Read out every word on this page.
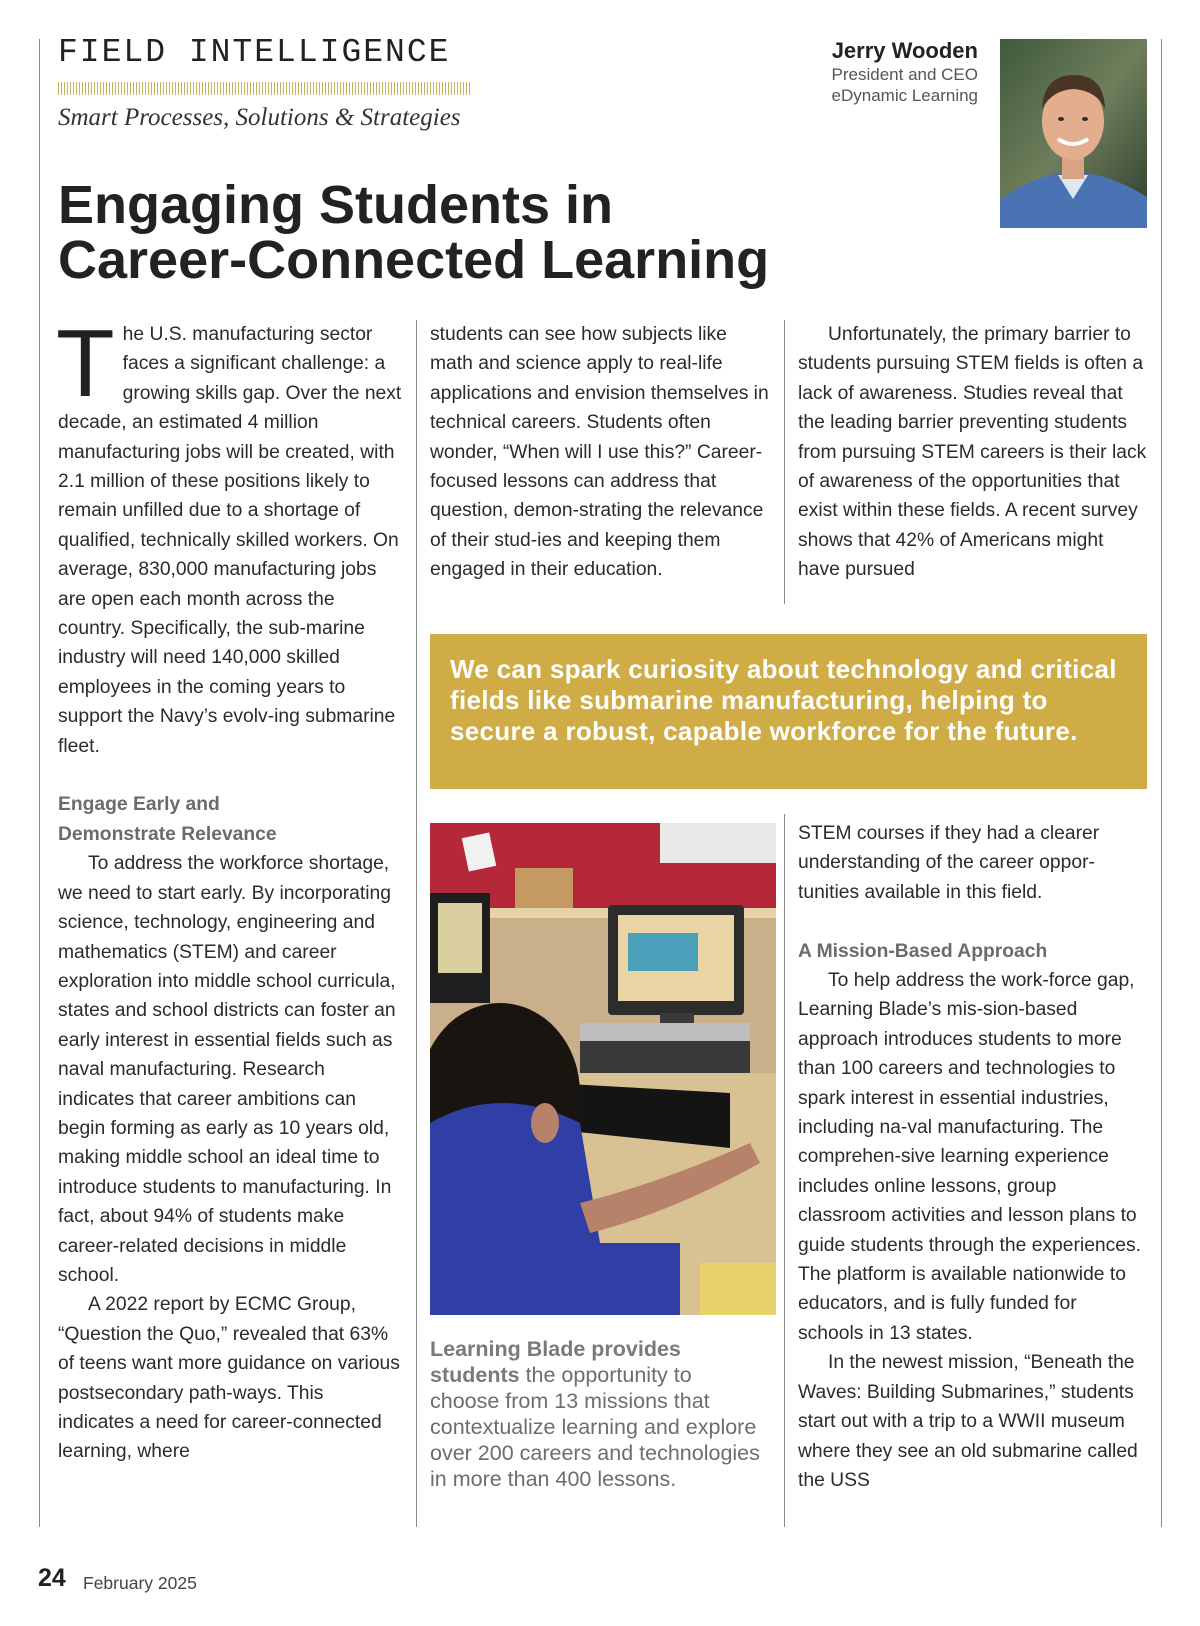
FIELD INTELLIGENCE
Smart Processes, Solutions & Strategies
Jerry Wooden
President and CEO
eDynamic Learning
Engaging Students in
Career-Connected Learning

The U.S. manufacturing sector faces a significant challenge: a growing skills gap. Over the next decade, an estimated 4 million manufacturing jobs will be created, with 2.1 million of these positions likely to remain unfilled due to a shortage of qualified, technically skilled workers. On average, 830,000 manufacturing jobs are open each month across the country. Specifically, the sub-marine industry will need 140,000 skilled employees in the coming years to support the Navy’s evolv-ing submarine fleet.

Engage Early and Demonstrate Relevance

To address the workforce shortage, we need to start early. By incorporating science, technology, engineering and mathematics (STEM) and career exploration into middle school curricula, states and school districts can foster an early interest in essential fields such as naval manufacturing. Research indicates that career ambitions can begin forming as early as 10 years old, making middle school an ideal time to introduce students to manufacturing. In fact, about 94% of students make career-related decisions in middle school.

A 2022 report by ECMC Group, “Question the Quo,” revealed that 63% of teens want more guidance on various postsecondary path-ways. This indicates a need for career-connected learning, where

students can see how subjects like math and science apply to real-life applications and envision themselves in technical careers. Students often wonder, “When will I use this?” Career-focused lessons can address that question, demon-strating the relevance of their stud-ies and keeping them engaged in their education.

Unfortunately, the primary barrier to students pursuing STEM fields is often a lack of awareness. Studies reveal that the leading barrier preventing students from pursuing STEM careers is their lack of awareness of the opportunities that exist within these fields. A recent survey shows that 42% of Americans might have pursued

We can spark curiosity about technology and critical fields like submarine manufacturing, helping to secure a robust, capable workforce for the future.
Learning Blade provides students the opportunity to choose from 13 missions that contextualize learning and explore over 200 careers and technologies in more than 400 lessons.

STEM courses if they had a clearer understanding of the career oppor-tunities available in this field.

A Mission-Based Approach

To help address the work-force gap, Learning Blade’s mis-sion-based approach introduces students to more than 100 careers and technologies to spark interest in essential industries, including na-val manufacturing. The comprehen-sive learning experience includes online lessons, group classroom activities and lesson plans to guide students through the experiences. The platform is available nationwide to educators, and is fully funded for schools in 13 states.

In the newest mission, “Beneath the Waves: Building Submarines,” students start out with a trip to a WWII museum where they see an old submarine called the USS

24 February 2025
